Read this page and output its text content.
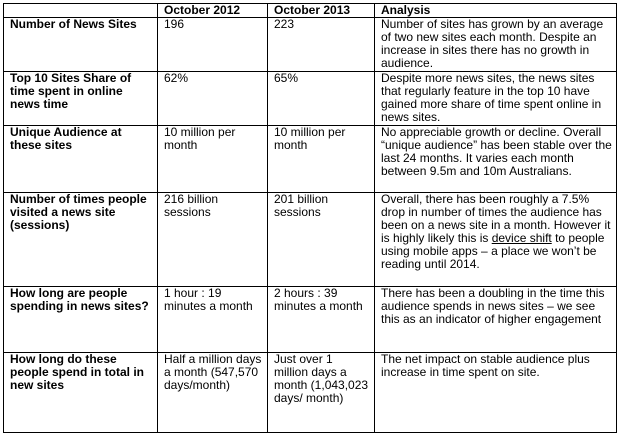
	October 2012	October 2013	Analysis
Number of News Sites	196	223	Number of sites has grown by an average of two new sites each month. Despite an increase in sites there has no growth in audience.
Top 10 Sites Share of time spent in online news time	62%	65%	Despite more news sites, the news sites that regularly feature in the top 10 have gained more share of time spent online in news sites.
Unique Audience at these sites	10 million per month	10 million per month	No appreciable growth or decline. Overall “unique audience” has been stable over the last 24 months. It varies each month between 9.5m and 10m Australians.
Number of times people visited a news site (sessions)	216 billion sessions	201 billion sessions	Overall, there has been roughly a 7.5% drop in number of times the audience has been on a news site in a month. However it is highly likely this is device shift to people using mobile apps – a place we won’t be reading until 2014.
How long are people spending in news sites?	1 hour : 19 minutes a month	2 hours : 39 minutes a month	There has been a doubling in the time this audience spends in news sites – we see this as an indicator of higher engagement
How long do these people spend in total in new sites	Half a million days a month (547,570 days/month)	Just over 1 million days a month (1,043,023 days/ month)	The net impact on stable audience plus increase in time spent on site.
